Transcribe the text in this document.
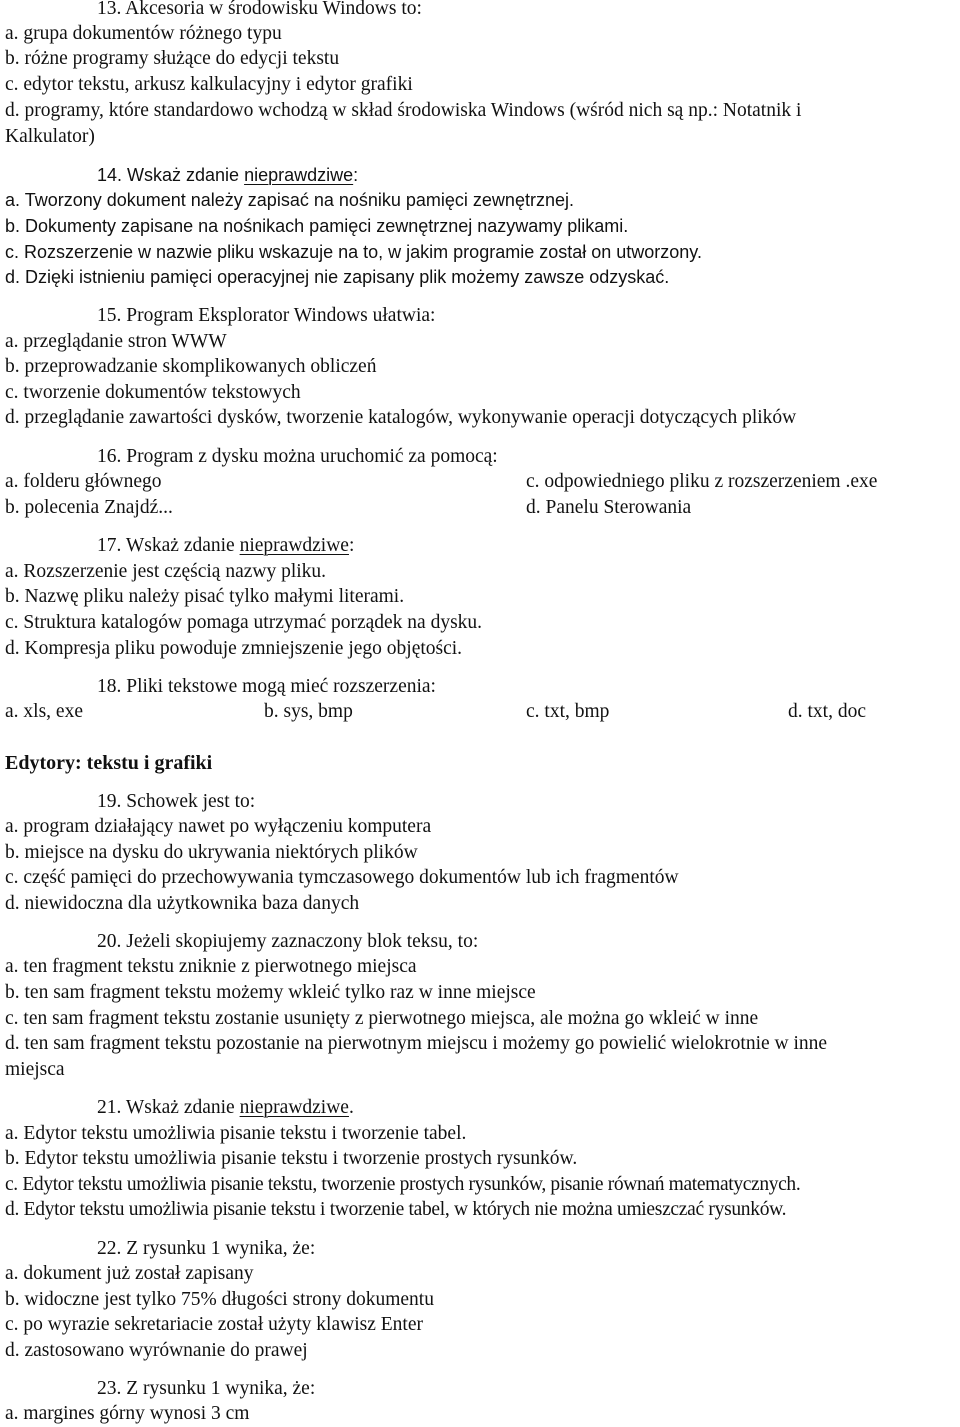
13. Akcesoria w środowisku Windows to:
a. grupa dokumentów różnego typu
b. różne programy służące do edycji tekstu
c. edytor tekstu, arkusz kalkulacyjny i edytor grafiki
d. programy, które standardowo wchodzą w skład środowiska Windows (wśród nich są np.: Notatnik i
Kalkulator)
14. Wskaż zdanie nieprawdziwe:
a. Tworzony dokument należy zapisać na nośniku pamięci zewnętrznej.
b. Dokumenty zapisane na nośnikach pamięci zewnętrznej nazywamy plikami.
c. Rozszerzenie w nazwie pliku wskazuje na to, w jakim programie został on utworzony.
d. Dzięki istnieniu pamięci operacyjnej nie zapisany plik możemy zawsze odzyskać.
15. Program Eksplorator Windows ułatwia:
a. przeglądanie stron WWW
b. przeprowadzanie skomplikowanych obliczeń
c. tworzenie dokumentów tekstowych
d. przeglądanie zawartości dysków, tworzenie katalogów, wykonywanie operacji dotyczących plików
16. Program z dysku można uruchomić za pomocą:
a. folderu głównego	c. odpowiedniego pliku z rozszerzeniem .exe
b. polecenia Znajdź...	d. Panelu Sterowania
17. Wskaż zdanie nieprawdziwe:
a. Rozszerzenie jest częścią nazwy pliku.
b. Nazwę pliku należy pisać tylko małymi literami.
c. Struktura katalogów pomaga utrzymać porządek na dysku.
d. Kompresja pliku powoduje zmniejszenie jego objętości.
18. Pliki tekstowe mogą mieć rozszerzenia:
a. xls, exe	b. sys, bmp	c. txt, bmp	d. txt, doc
Edytory: tekstu i grafiki
19. Schowek jest to:
a. program działający nawet po wyłączeniu komputera
b. miejsce na dysku do ukrywania niektórych plików
c. część pamięci do przechowywania tymczasowego dokumentów lub ich fragmentów
d. niewidoczna dla użytkownika baza danych
20. Jeżeli skopiujemy zaznaczony blok teksu, to:
a. ten fragment tekstu zniknie z pierwotnego miejsca
b. ten sam fragment tekstu możemy wkleić tylko raz w inne miejsce
c. ten sam fragment tekstu zostanie usunięty z pierwotnego miejsca, ale można go wkleić w inne
d. ten sam fragment tekstu pozostanie na pierwotnym miejscu i możemy go powielić wielokrotnie w inne
miejsca
21. Wskaż zdanie nieprawdziwe.
a. Edytor tekstu umożliwia pisanie tekstu i tworzenie tabel.
b. Edytor tekstu umożliwia pisanie tekstu i tworzenie prostych rysunków.
c. Edytor tekstu umożliwia pisanie tekstu, tworzenie prostych rysunków, pisanie równań matematycznych.
d. Edytor tekstu umożliwia pisanie tekstu i tworzenie tabel, w których nie można umieszczać rysunków.
22. Z rysunku 1 wynika, że:
a. dokument już został zapisany
b. widoczne jest tylko 75% długości strony dokumentu
c. po wyrazie sekretariacie został użyty klawisz Enter
d. zastosowano wyrównanie do prawej
23. Z rysunku 1 wynika, że:
a. margines górny wynosi 3 cm
